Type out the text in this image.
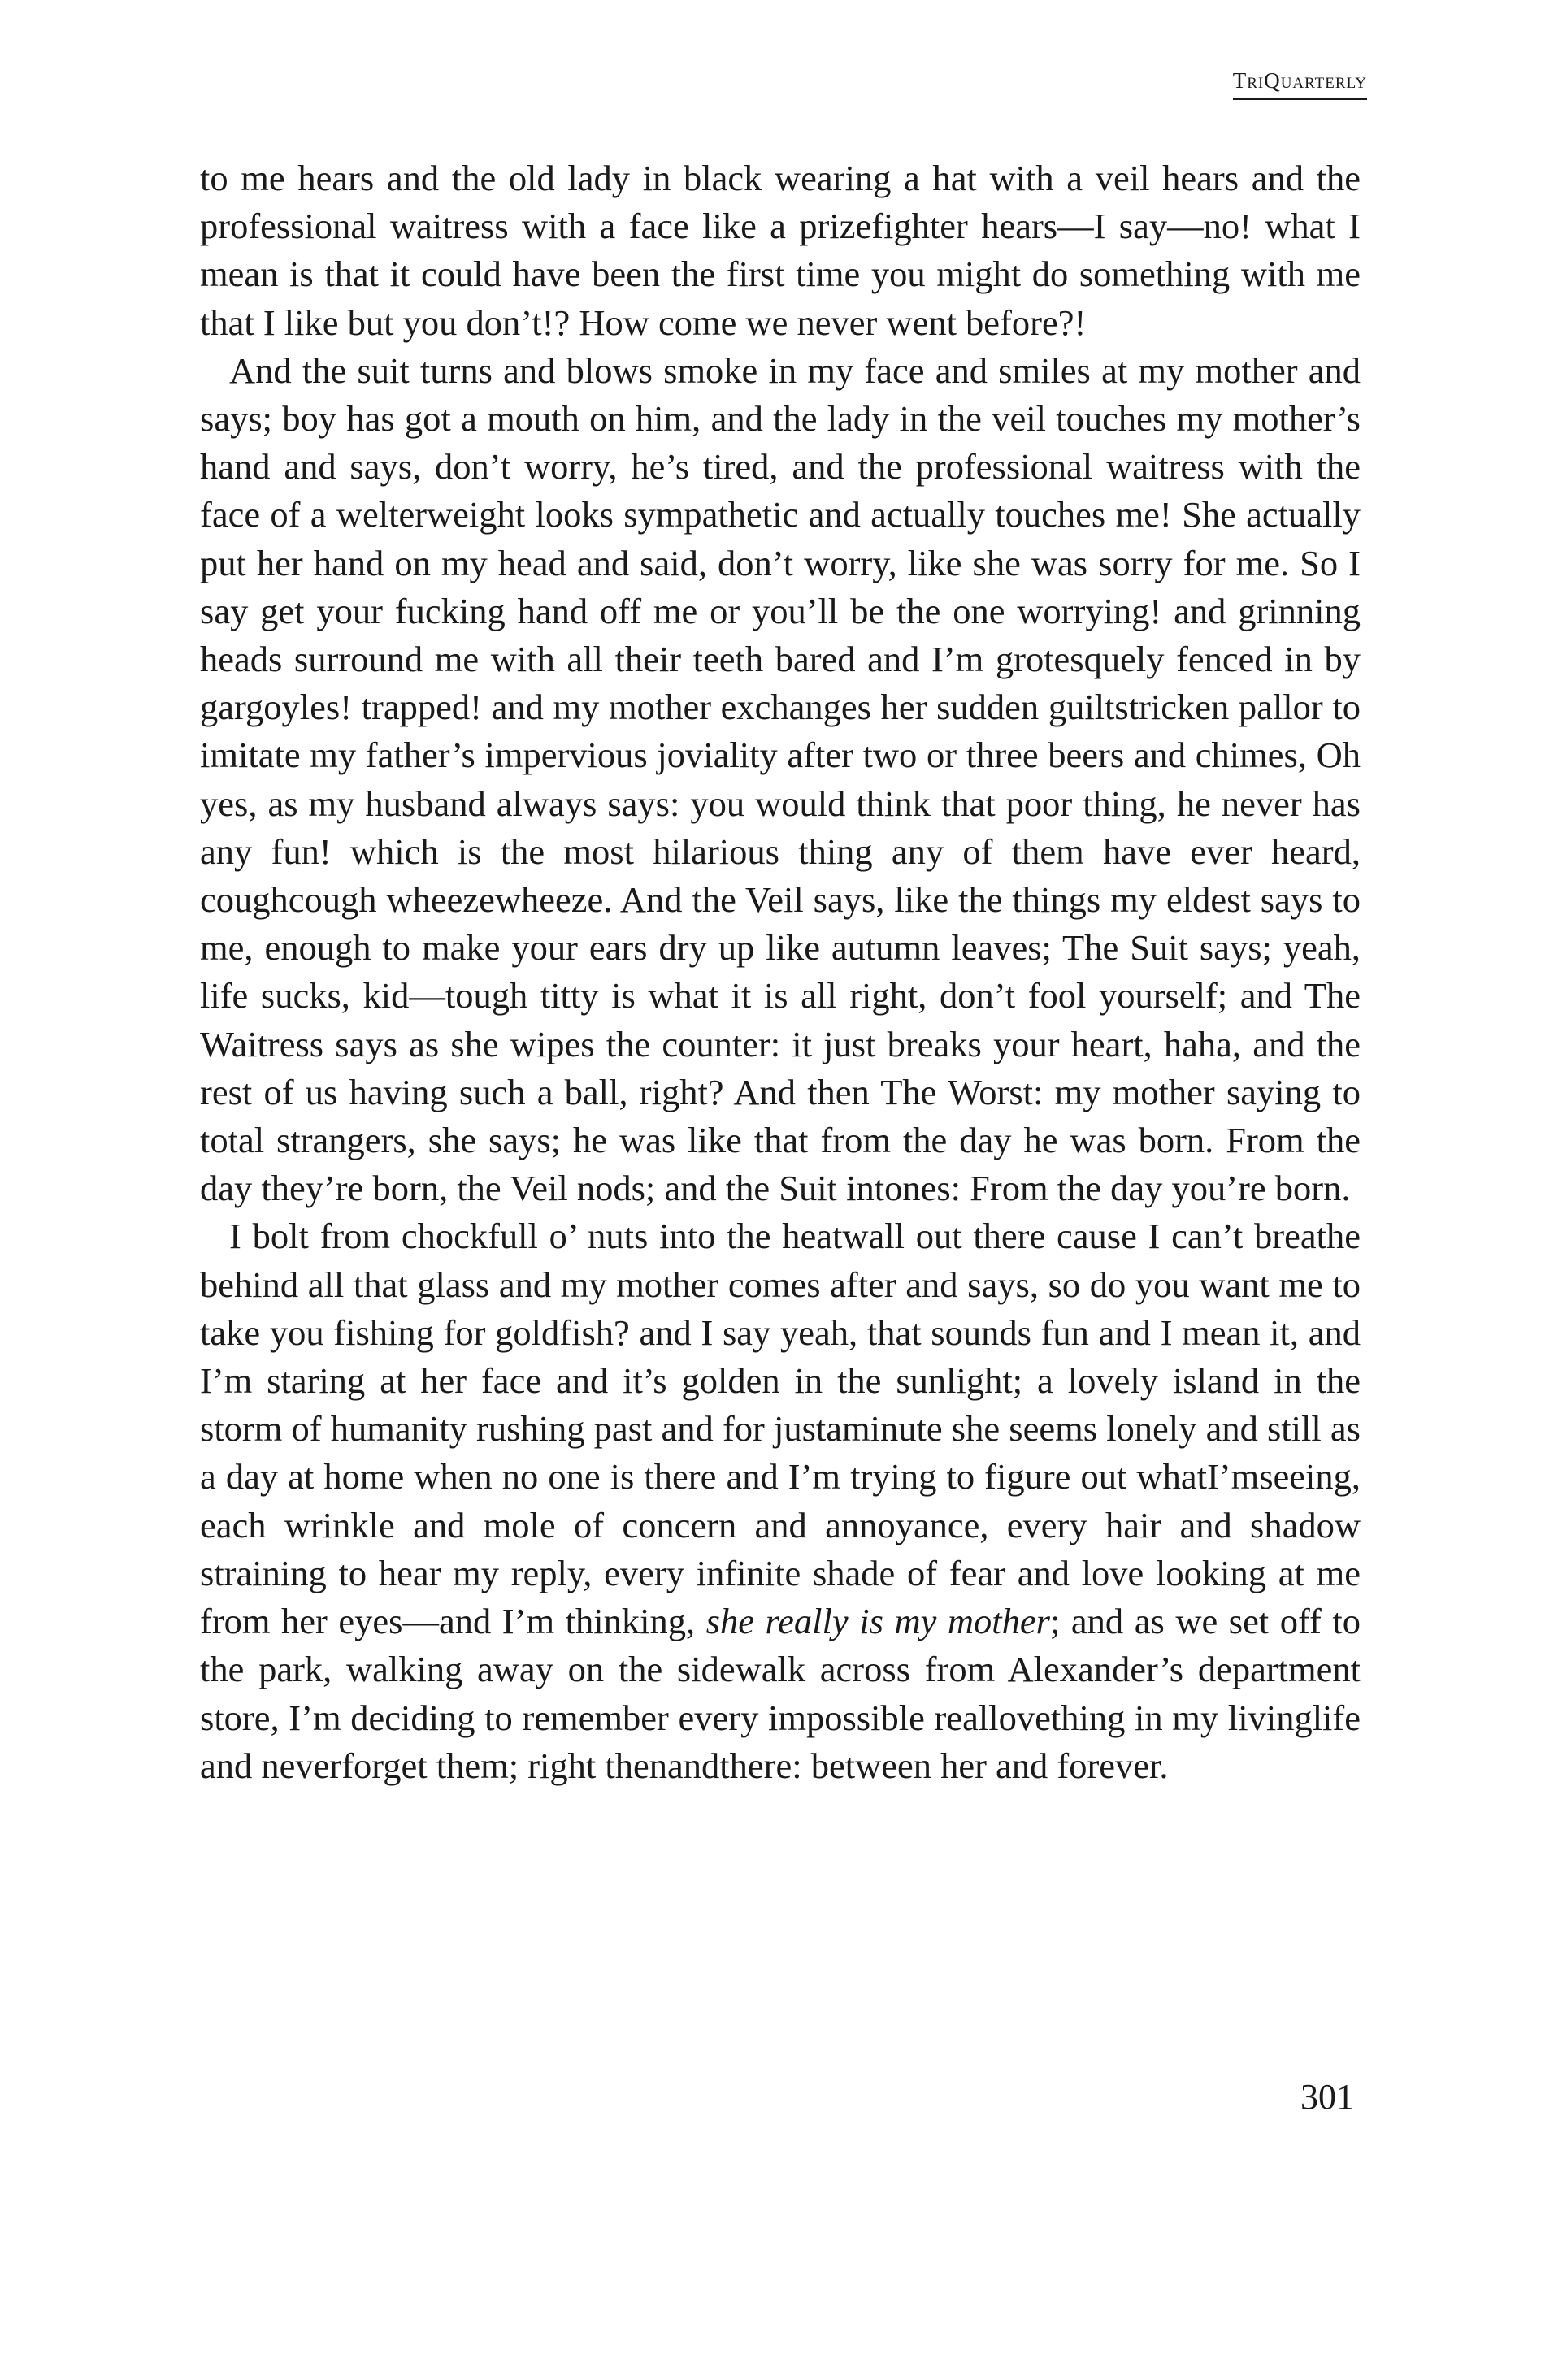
TriQuarterly

to me hears and the old lady in black wearing a hat with a veil hears and the professional waitress with a face like a prizefighter hears—I say—no! what I mean is that it could have been the first time you might do something with me that I like but you don’t!? How come we never went before?!

And the suit turns and blows smoke in my face and smiles at my mother and says; boy has got a mouth on him, and the lady in the veil touches my mother’s hand and says, don’t worry, he’s tired, and the professional waitress with the face of a welterweight looks sympathetic and actually touches me! She actually put her hand on my head and said, don’t worry, like she was sorry for me. So I say get your fucking hand off me or you’ll be the one worrying! and grinning heads surround me with all their teeth bared and I’m grotesquely fenced in by gargoyles! trapped! and my mother exchanges her sudden guiltstricken pallor to imitate my father’s impervious joviality after two or three beers and chimes, Oh yes, as my husband always says: you would think that poor thing, he never has any fun! which is the most hilarious thing any of them have ever heard, coughcough wheezewheeze. And the Veil says, like the things my eldest says to me, enough to make your ears dry up like autumn leaves; The Suit says; yeah, life sucks, kid—tough titty is what it is all right, don’t fool yourself; and The Waitress says as she wipes the counter: it just breaks your heart, haha, and the rest of us having such a ball, right? And then The Worst: my mother saying to total strangers, she says; he was like that from the day he was born. From the day they’re born, the Veil nods; and the Suit intones: From the day you’re born.

I bolt from chockfull o’ nuts into the heatwall out there cause I can’t breathe behind all that glass and my mother comes after and says, so do you want me to take you fishing for goldfish? and I say yeah, that sounds fun and I mean it, and I’m staring at her face and it’s golden in the sunlight; a lovely island in the storm of humanity rushing past and for justaminute she seems lonely and still as a day at home when no one is there and I’m trying to figure out whatI’mseeing, each wrinkle and mole of concern and annoyance, every hair and shadow straining to hear my reply, every infinite shade of fear and love looking at me from her eyes—and I’m thinking, she really is my mother; and as we set off to the park, walking away on the sidewalk across from Alexander’s department store, I’m deciding to remember every impossible reallovething in my livinglife and neverforget them; right thenandthere: between her and forever.

301
